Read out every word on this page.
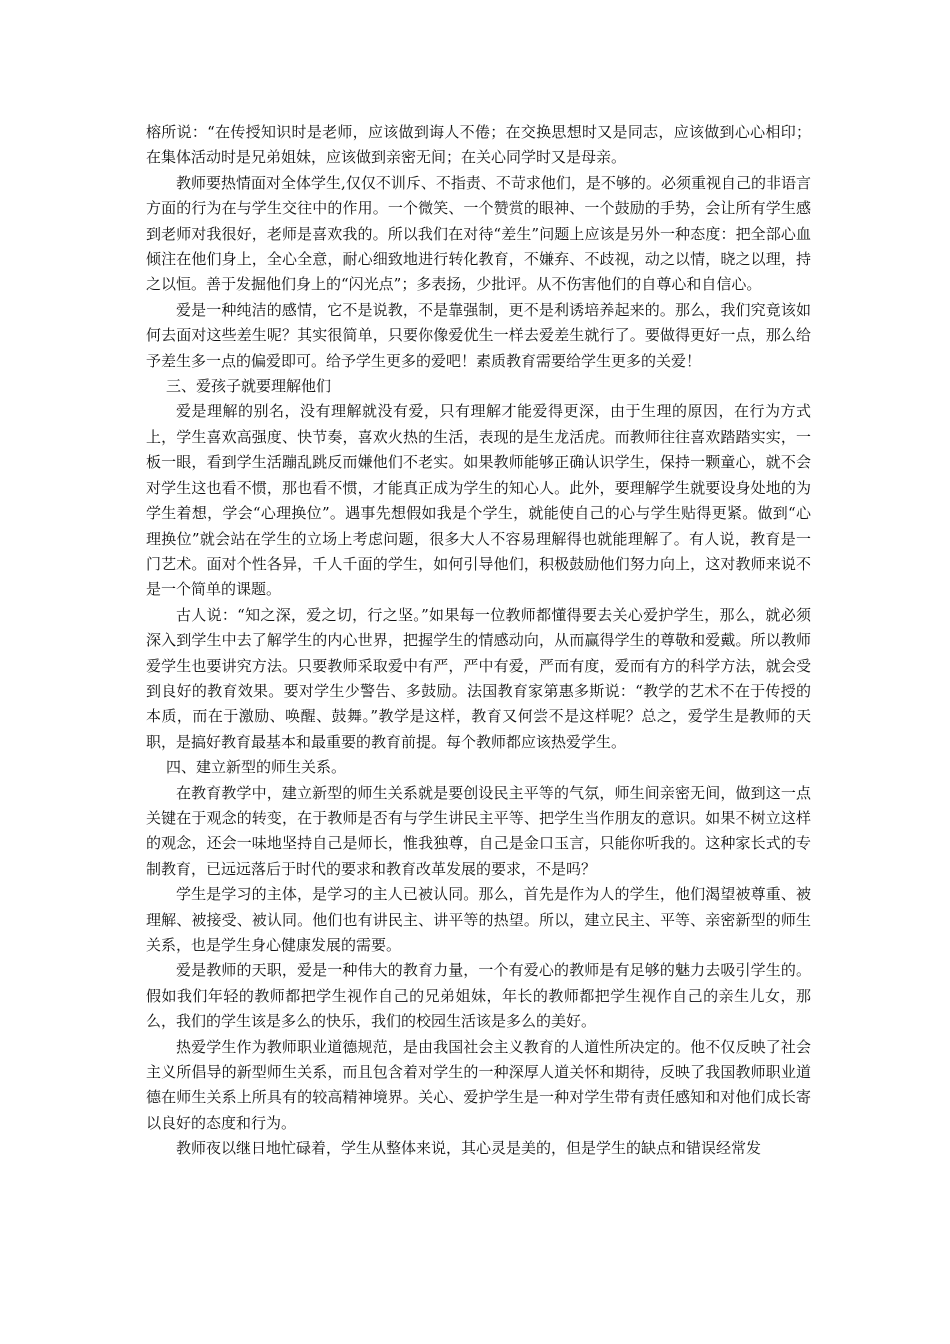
榕所说：“在传授知识时是老师，应该做到诲人不倦；在交换思想时又是同志，应该做到心心相印；在集体活动时是兄弟姐妹，应该做到亲密无间；在关心同学时又是母亲。

教师要热情面对全体学生,仅仅不训斥、不指责、不苛求他们，是不够的。必须重视自己的非语言方面的行为在与学生交往中的作用。一个微笑、一个赞赏的眼神、一个鼓励的手势，会让所有学生感到老师对我很好，老师是喜欢我的。所以我们在对待“差生”问题上应该是另外一种态度：把全部心血倾注在他们身上，全心全意，耐心细致地进行转化教育，不嫌弃、不歧视，动之以情，晓之以理，持之以恒。善于发掘他们身上的“闪光点”；多表扬，少批评。从不伤害他们的自尊心和自信心。

爱是一种纯洁的感情，它不是说教，不是靠强制，更不是利诱培养起来的。那么，我们究竟该如何去面对这些差生呢？其实很简单，只要你像爱优生一样去爱差生就行了。要做得更好一点，那么给予差生多一点的偏爱即可。给予学生更多的爱吧！素质教育需要给学生更多的关爱！

三、爱孩子就要理解他们

爱是理解的别名，没有理解就没有爱，只有理解才能爱得更深，由于生理的原因，在行为方式上，学生喜欢高强度、快节奏，喜欢火热的生活，表现的是生龙活虎。而教师往往喜欢踏踏实实，一板一眼，看到学生活蹦乱跳反而嫌他们不老实。如果教师能够正确认识学生，保持一颗童心，就不会对学生这也看不惯，那也看不惯，才能真正成为学生的知心人。此外，要理解学生就要设身处地的为学生着想，学会“心理换位”。遇事先想假如我是个学生，就能使自己的心与学生贴得更紧。做到“心理换位”就会站在学生的立场上考虑问题，很多大人不容易理解得也就能理解了。有人说，教育是一门艺术。面对个性各异，千人千面的学生，如何引导他们，积极鼓励他们努力向上，这对教师来说不是一个简单的课题。

古人说：“知之深，爱之切，行之坚。”如果每一位教师都懂得要去关心爱护学生，那么，就必须深入到学生中去了解学生的内心世界，把握学生的情感动向，从而赢得学生的尊敬和爱戴。所以教师爱学生也要讲究方法。只要教师采取爱中有严，严中有爱，严而有度，爱而有方的科学方法，就会受到良好的教育效果。要对学生少警告、多鼓励。法国教育家第惠多斯说：“教学的艺术不在于传授的本质，而在于激励、唤醒、鼓舞。”教学是这样，教育又何尝不是这样呢？总之，爱学生是教师的天职，是搞好教育最基本和最重要的教育前提。每个教师都应该热爱学生。

四、建立新型的师生关系。

在教育教学中，建立新型的师生关系就是要创设民主平等的气氛，师生间亲密无间，做到这一点关键在于观念的转变，在于教师是否有与学生讲民主平等、把学生当作朋友的意识。如果不树立这样的观念，还会一味地坚持自己是师长，惟我独尊，自己是金口玉言，只能你听我的。这种家长式的专制教育，已远远落后于时代的要求和教育改革发展的要求，不是吗？

学生是学习的主体，是学习的主人已被认同。那么，首先是作为人的学生，他们渴望被尊重、被理解、被接受、被认同。他们也有讲民主、讲平等的热望。所以，建立民主、平等、亲密新型的师生关系，也是学生身心健康发展的需要。

爱是教师的天职，爱是一种伟大的教育力量，一个有爱心的教师是有足够的魅力去吸引学生的。假如我们年轻的教师都把学生视作自己的兄弟姐妹，年长的教师都把学生视作自己的亲生儿女，那么，我们的学生该是多么的快乐，我们的校园生活该是多么的美好。

热爱学生作为教师职业道德规范，是由我国社会主义教育的人道性所决定的。他不仅反映了社会主义所倡导的新型师生关系，而且包含着对学生的一种深厚人道关怀和期待，反映了我国教师职业道德在师生关系上所具有的较高精神境界。关心、爱护学生是一种对学生带有责任感知和对他们成长寄以良好的态度和行为。

教师夜以继日地忙碌着，学生从整体来说，其心灵是美的，但是学生的缺点和错误经常发
